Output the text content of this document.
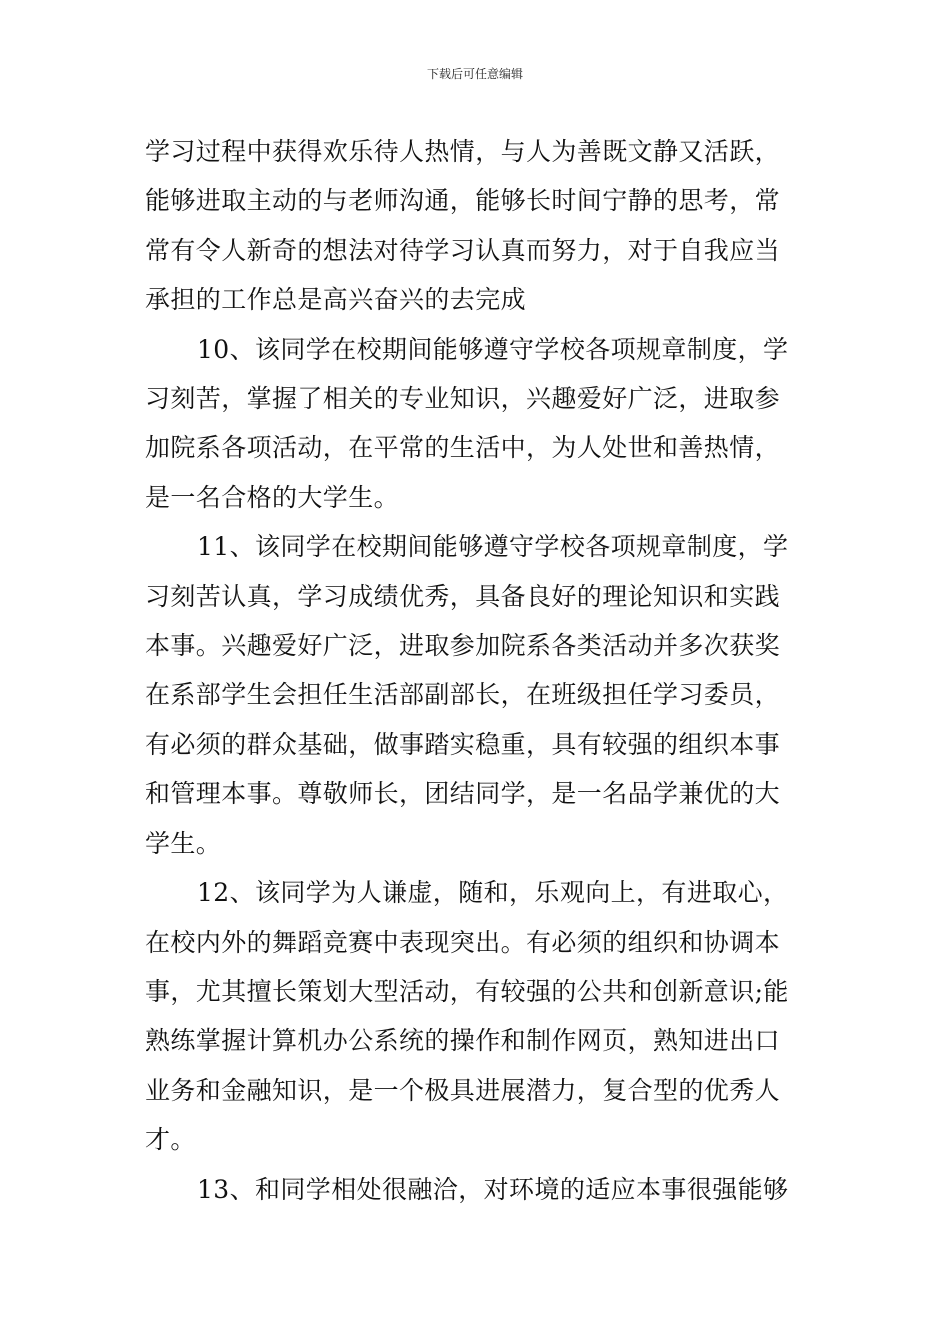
下载后可任意编辑

学习过程中获得欢乐待人热情，与人为善既文静又活跃，
能够进取主动的与老师沟通，能够长时间宁静的思考，常
常有令人新奇的想法对待学习认真而努力，对于自我应当
承担的工作总是高兴奋兴的去完成

10、该同学在校期间能够遵守学校各项规章制度，学
习刻苦，掌握了相关的专业知识，兴趣爱好广泛，进取参
加院系各项活动，在平常的生活中，为人处世和善热情，
是一名合格的大学生。

11、该同学在校期间能够遵守学校各项规章制度，学
习刻苦认真，学习成绩优秀，具备良好的理论知识和实践
本事。兴趣爱好广泛，进取参加院系各类活动并多次获奖
在系部学生会担任生活部副部长，在班级担任学习委员，
有必须的群众基础，做事踏实稳重，具有较强的组织本事
和管理本事。尊敬师长，团结同学，是一名品学兼优的大
学生。

12、该同学为人谦虚，随和，乐观向上，有进取心，
在校内外的舞蹈竞赛中表现突出。有必须的组织和协调本
事，尤其擅长策划大型活动，有较强的公共和创新意识;能
熟练掌握计算机办公系统的操作和制作网页，熟知进出口
业务和金融知识，是一个极具进展潜力，复合型的优秀人
才。

13、和同学相处很融洽，对环境的适应本事很强能够
